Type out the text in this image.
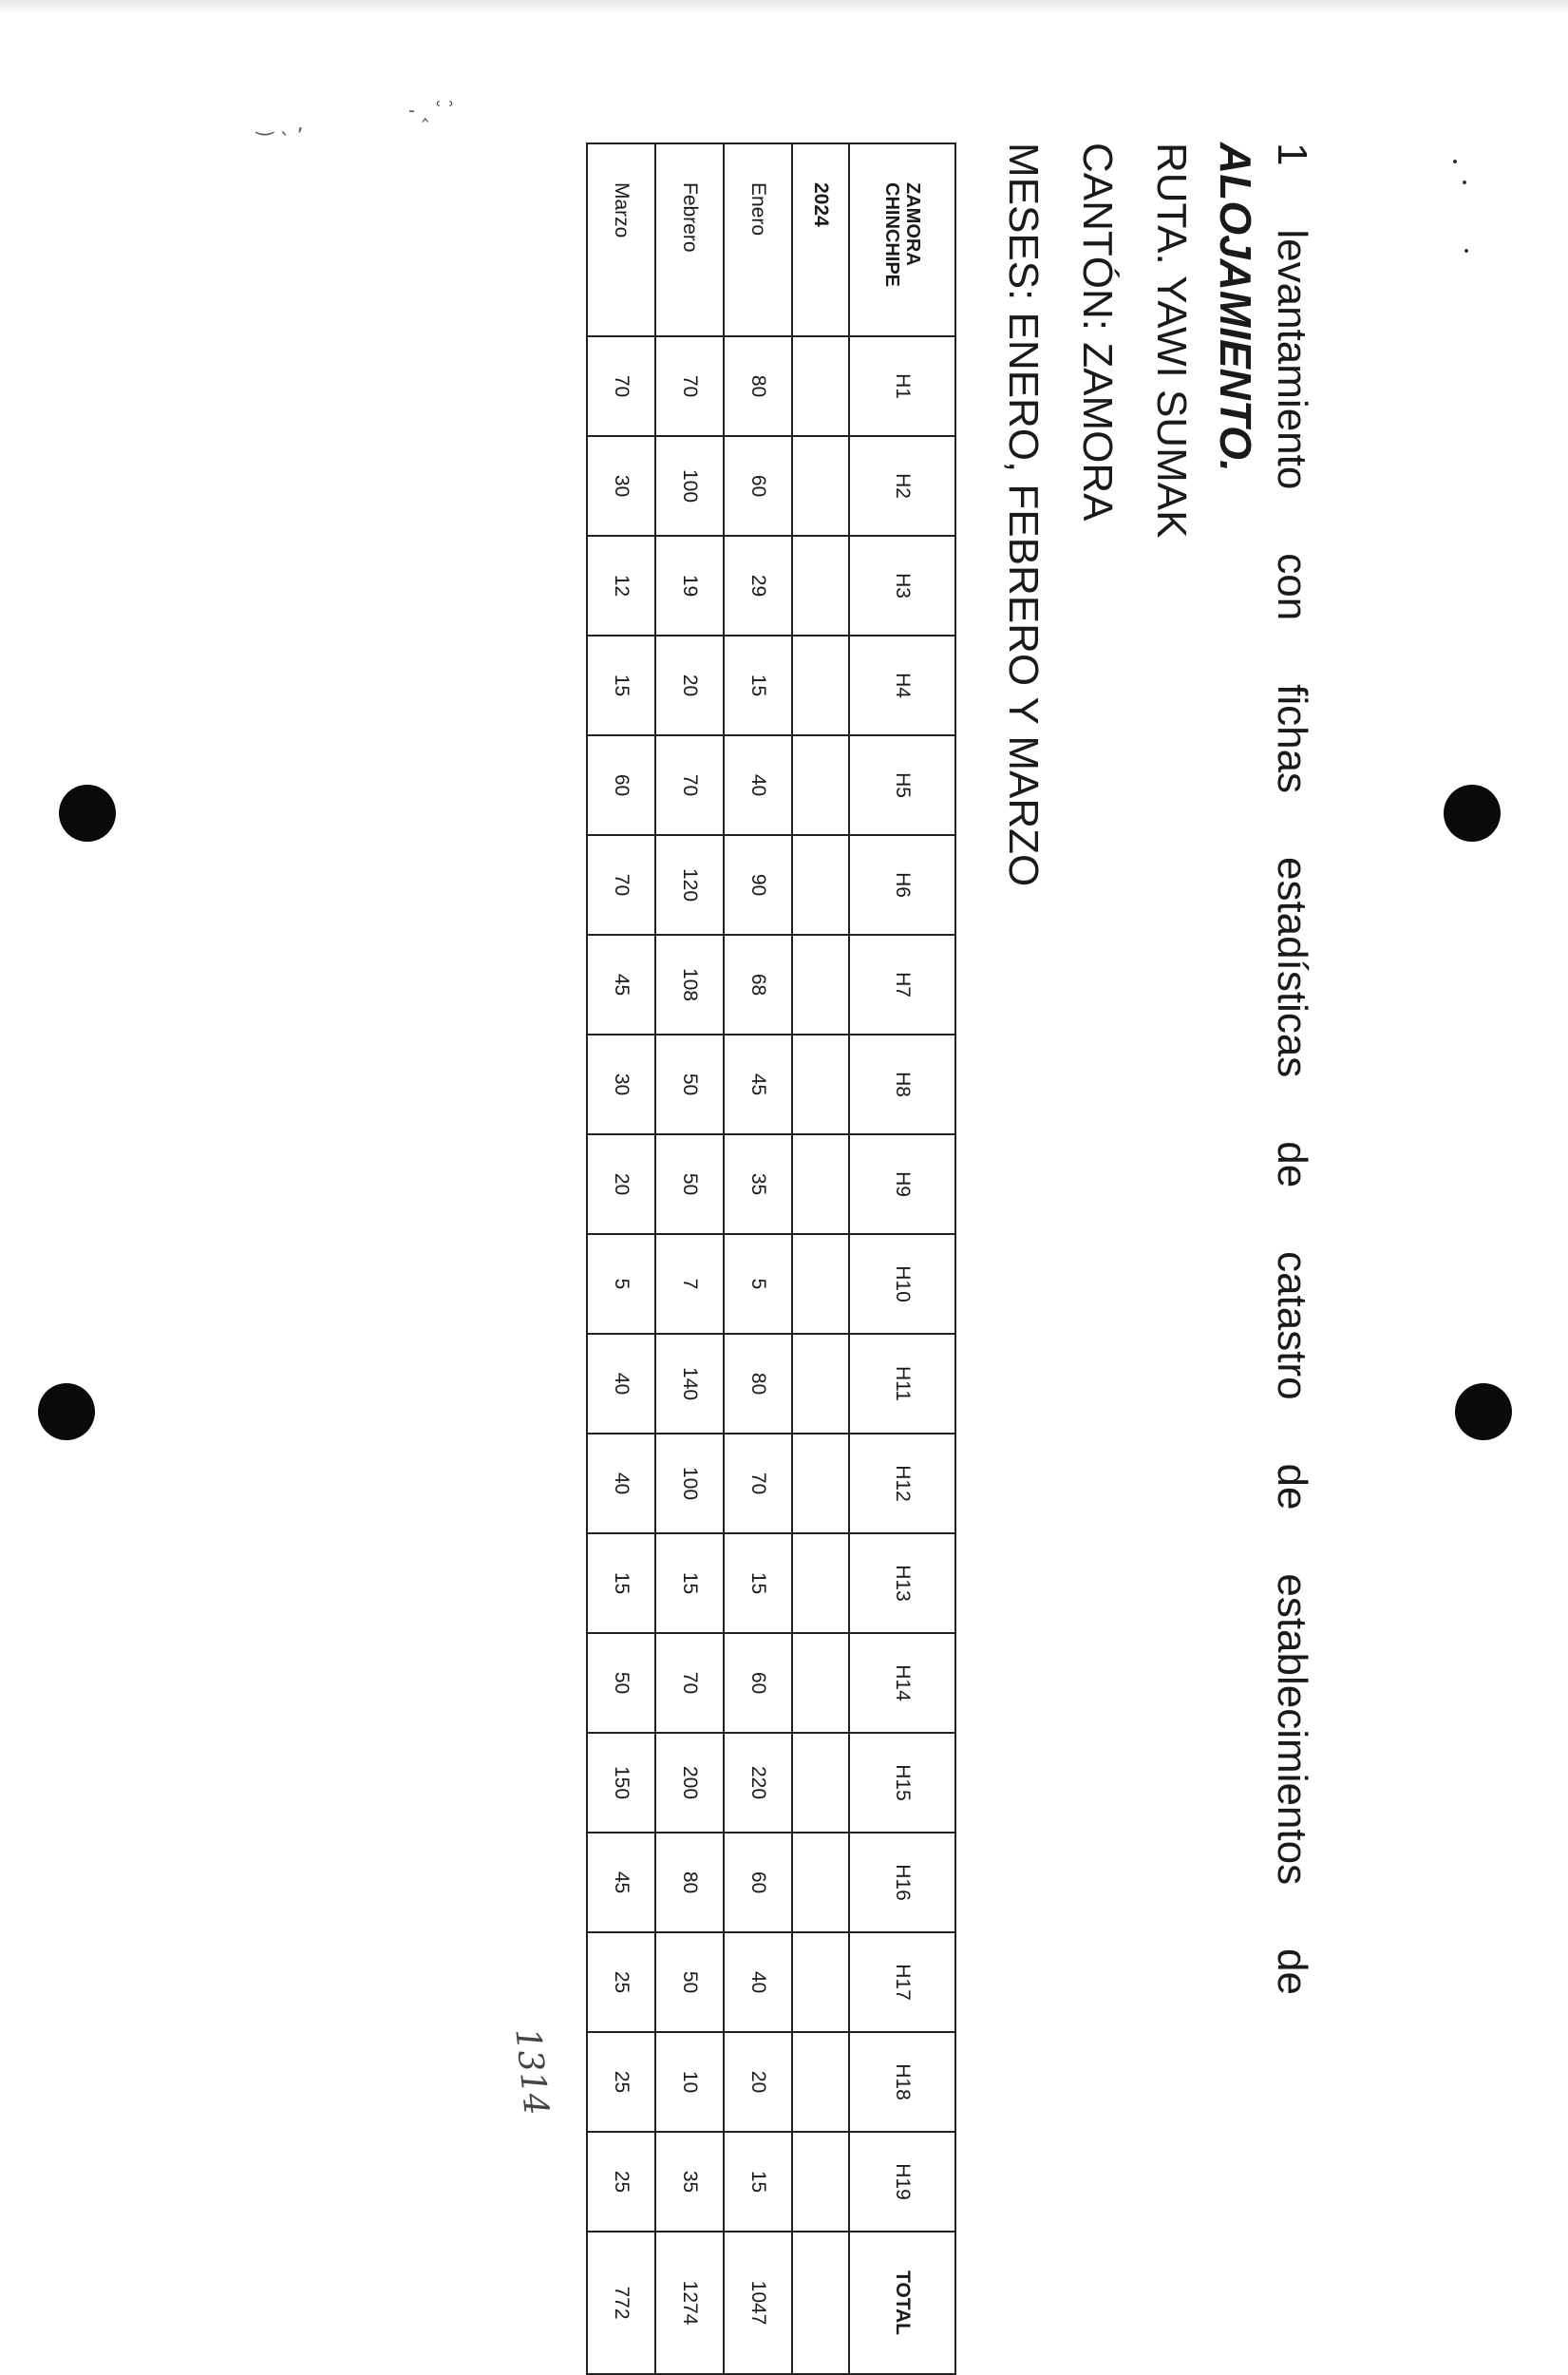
‿ ˎ ,
˗ ‸ ʿ ʾ
1
levantamiento
con
fichas
estadísticas
de
catastro
de
establecimientos
de
ALOJAMIENTO.
RUTA. YAWI SUMAK
CANTÓN: ZAMORA
MESES: ENERO, FEBRERO Y MARZO
ZAMORA CHINCHIPE	H1	H2	H3	H4	H5	H6	H7	H8	H9	H10	H11	H12	H13	H14	H15	H16	H17	H18	H19	TOTAL
2024																				
Enero	80	60	29	15	40	90	68	45	35	5	80	70	15	60	220	60	40	20	15	1047
Febrero	70	100	19	20	70	120	108	50	50	7	140	100	15	70	200	80	50	10	35	1274
Marzo	70	30	12	15	60	70	45	30	20	5	40	40	15	50	150	45	25	25	25	772
1314
